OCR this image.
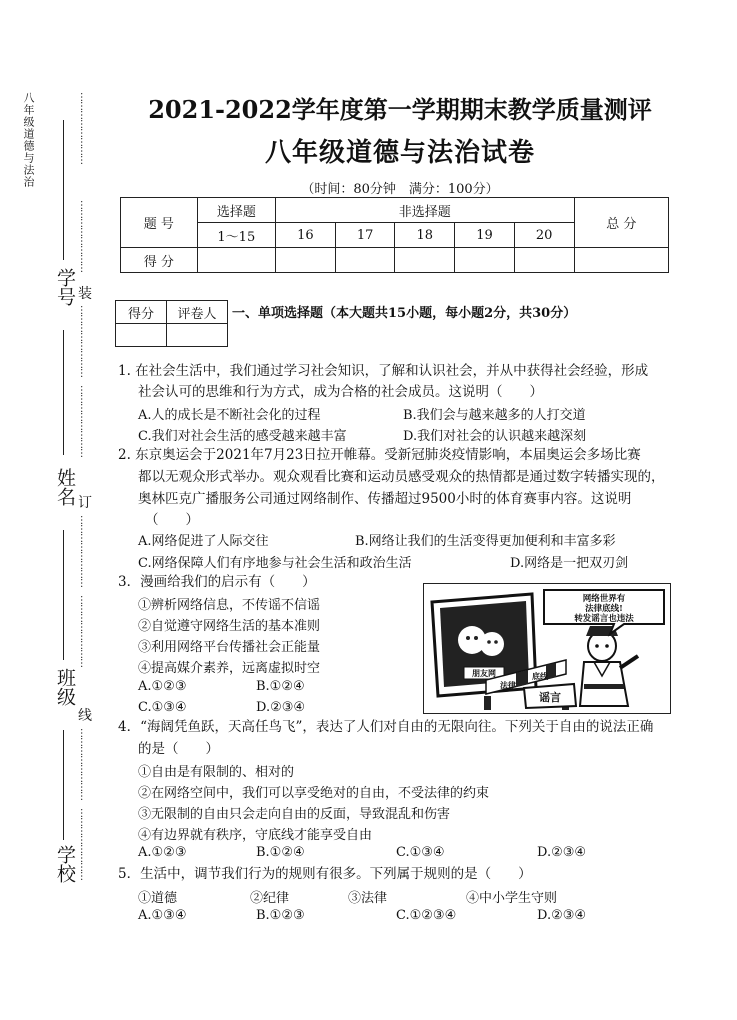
八年级道德与法治	……………………
……………………
装
……………………
……………………
订
……………………
……………………
线
……………………
……………………
学号
姓名
班级
学校
2021-2022学年度第一学期期末教学质量测评
八年级道德与法治试卷
（时间：80分钟　满分：100分）
题 号	选择题	非选择题					总 分
	1～15	16	17	18	19	20	
得 分							
得分	评卷人
	一、单项选择题（本大题共15小题，每小题2分，共30分）
1. 在社会生活中，我们通过学习社会知识，了解和认识社会，并从中获得社会经验，形成
社会认可的思维和行为方式，成为合格的社会成员。这说明（　　）
A.人的成长是不断社会化的过程	B.我们会与越来越多的人打交道
C.我们对社会生活的感受越来越丰富	D.我们对社会的认识越来越深刻
2. 东京奥运会于2021年7月23日拉开帷幕。受新冠肺炎疫情影响，本届奥运会多场比赛
都以无观众形式举办。观众观看比赛和运动员感受观众的热情都是通过数字转播实现的，
奥林匹克广播服务公司通过网络制作、传播超过9500小时的体育赛事内容。这说明
（　　）
A.网络促进了人际交往	B.网络让我们的生活变得更加便利和丰富多彩
C.网络保障人们有序地参与社会生活和政治生活	D.网络是一把双刃剑
3．漫画给我们的启示有（　　）
①辨析网络信息，不传谣不信谣
②自觉遵守网络生活的基本准则
③利用网络平台传播社会正能量
④提高媒介素养，远离虚拟时空
A.①②③	B.①②④
C.①③④	D.②③④
朋友网
法律
底线
谣言
网络世界有
法律底线!
转发谣言也违法
4．“海阔凭鱼跃，天高任鸟飞”，表达了人们对自由的无限向往。下列关于自由的说法正确
的是（　　）
①自由是有限制的、相对的
②在网络空间中，我们可以享受绝对的自由，不受法律的约束
③无限制的自由只会走向自由的反面，导致混乱和伤害
④有边界就有秩序，守底线才能享受自由
A.①②③	B.①②④	C.①③④	D.②③④
5．生活中，调节我们行为的规则有很多。下列属于规则的是（　　）
①道德	②纪律	③法律	④中小学生守则
A.①③④	B.①②③	C.①②③④	D.②③④
